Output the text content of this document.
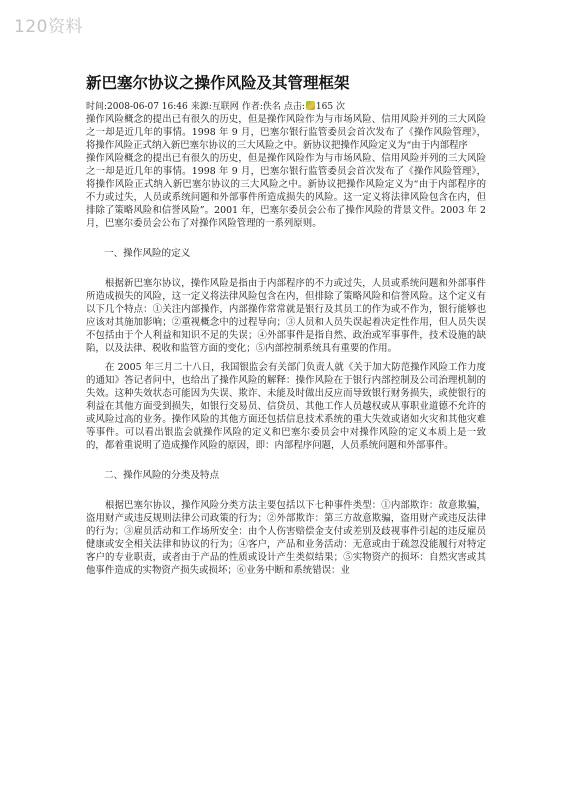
120资料
新巴塞尔协议之操作风险及其管理框架
时间:2008-06-07 16:46 来源:互联网 作者:佚名 点击: 165 次

操作风险概念的提出已有很久的历史，但是操作风险作为与市场风险、信用风险并列的三大风险之一却是近几年的事情。1998 年 9 月，巴塞尔银行监管委员会首次发布了《操作风险管理》，将操作风险正式纳入新巴塞尔协议的三大风险之中。新协议把操作风险定义为“由于内部程序

操作风险概念的提出已有很久的历史，但是操作风险作为与市场风险、信用风险并列的三大风险之一却是近几年的事情。1998 年 9 月，巴塞尔银行监管委员会首次发布了《操作风险管理》，将操作风险正式纳入新巴塞尔协议的三大风险之中。新协议把操作风险定义为“由于内部程序的不力或过失，人员或系统问题和外部事件所造成损失的风险。这一定义将法律风险包含在内，但排除了策略风险和信誉风险”。2001 年，巴塞尔委员会公布了操作风险的背景文件。2003 年 2 月，巴塞尔委员会公布了对操作风险管理的一系列原则。

一、操作风险的定义

根据新巴塞尔协议，操作风险是指由于内部程序的不力或过失，人员或系统问题和外部事件所造成损失的风险，这一定义将法律风险包含在内，但排除了策略风险和信誉风险。这个定义有以下几个特点：①关注内部操作，内部操作常常就是银行及其员工的作为或不作为，银行能够也应该对其施加影响；②重视概念中的过程导向；③人员和人员失误起着决定性作用，但人员失误不包括由于个人利益和知识不足的失误；④外部事件是指自然、政治或军事事件，技术设施的缺陷，以及法律、税收和监管方面的变化；⑤内部控制系统具有重要的作用。

在 2005 年三月二十八日，我国银监会有关部门负责人就《关于加大防范操作风险工作力度的通知》答记者问中，也给出了操作风险的解释：操作风险在于银行内部控制及公司治理机制的失效。这种失效状态可能因为失误、欺诈、未能及时做出反应而导致银行财务损失，或使银行的利益在其他方面受到损失，如银行交易员、信贷员、其他工作人员越权或从事职业道德不允许的或风险过高的业务。操作风险的其他方面还包括信息技术系统的重大失效或诸如火灾和其他灾难等事件。可以看出银监会就操作风险的定义和巴塞尔委员会中对操作风险的定义本质上是一致的，都着重说明了造成操作风险的原因，即：内部程序问题，人员系统问题和外部事件。

二、操作风险的分类及特点

根据巴塞尔协议，操作风险分类方法主要包括以下七种事件类型：①内部欺诈：故意欺骗，盗用财产或违反规则法律公司政策的行为；②外部欺诈：第三方故意欺骗，盗用财产或违反法律的行为；③雇员活动和工作场所安全：由个人伤害赔偿金支付或差别及歧视事件引起的违反雇员健康或安全相关法律和协议的行为；④客户，产品和业务活动：无意或由于疏忽没能履行对特定客户的专业职责，或者由于产品的性质或设计产生类似结果；⑤实物资产的损坏：自然灾害或其他事件造成的实物资产损失或损坏；⑥业务中断和系统错误：业
